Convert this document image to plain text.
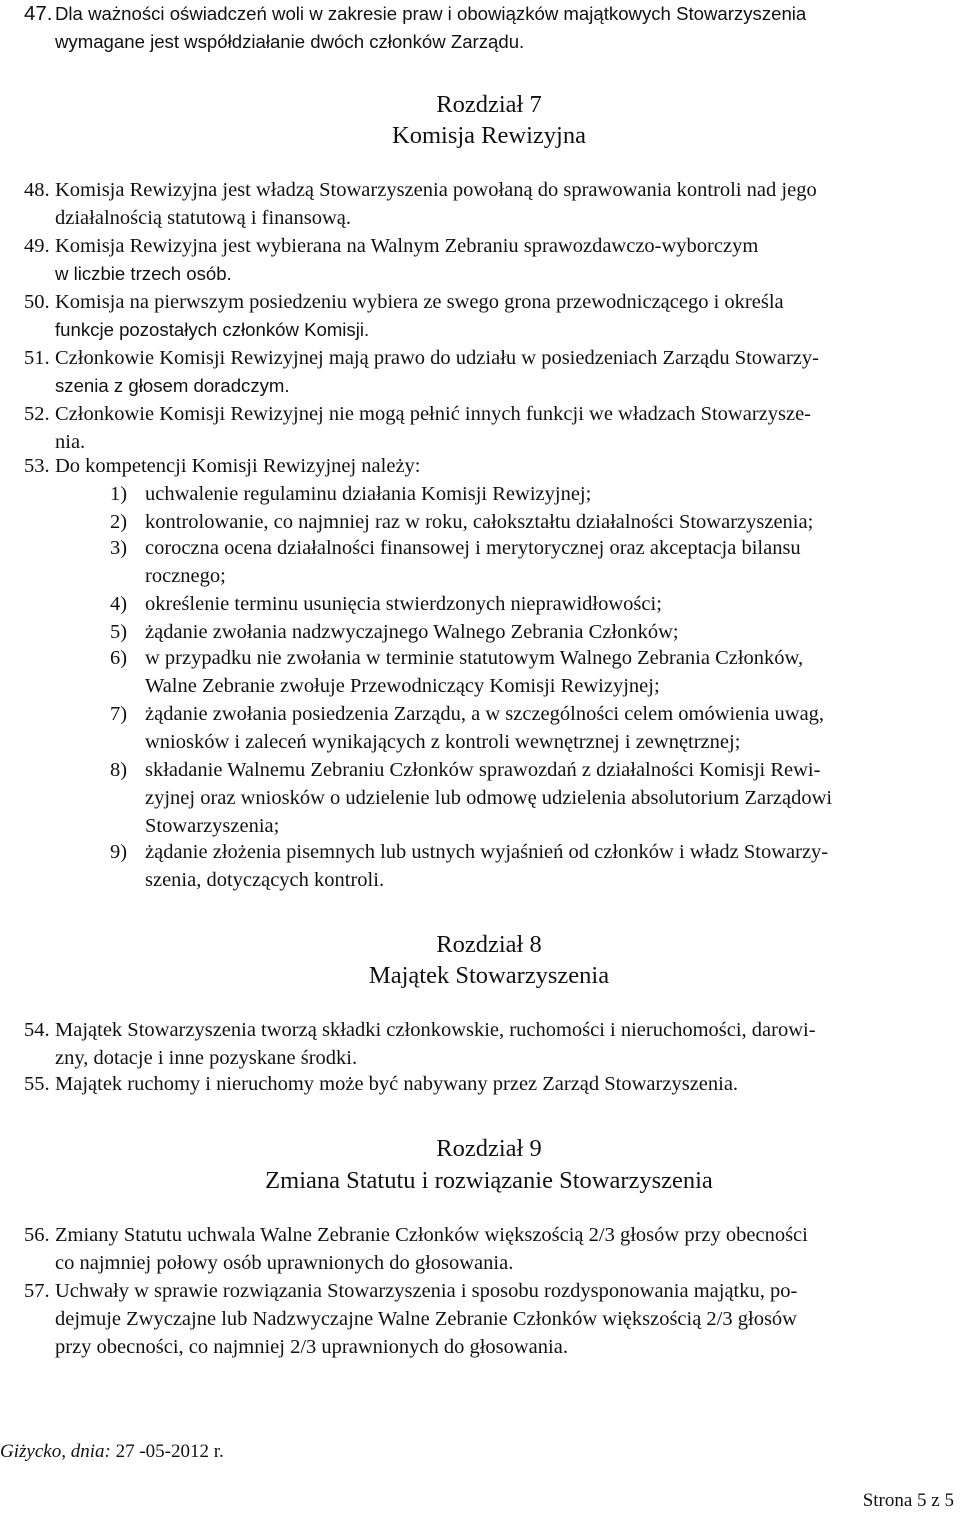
47. Dla ważności oświadczeń woli w zakresie praw i obowiązków majątkowych Stowarzyszenia
wymagane jest współdziałanie dwóch członków Zarządu.
Rozdział 7
Komisja Rewizyjna
48. Komisja Rewizyjna jest władzą Stowarzyszenia powołaną do sprawowania kontroli nad jego
działalnością statutową i finansową.
49. Komisja Rewizyjna jest wybierana na Walnym Zebraniu sprawozdawczo-wyborczym
w liczbie trzech osób.
50. Komisja na pierwszym posiedzeniu wybiera ze swego grona przewodniczącego i określa
funkcje pozostałych członków Komisji.
51. Członkowie Komisji Rewizyjnej mają prawo do udziału w posiedzeniach Zarządu Stowarzy-
szenia z głosem doradczym.
52. Członkowie Komisji Rewizyjnej nie mogą pełnić innych funkcji we władzach Stowarzysze-
nia.
53. Do kompetencji Komisji Rewizyjnej należy:
1) uchwalenie regulaminu działania Komisji Rewizyjnej;
2) kontrolowanie, co najmniej raz w roku, całokształtu działalności Stowarzyszenia;
3) coroczna ocena działalności finansowej i merytorycznej oraz akceptacja bilansu
rocznego;
4) określenie terminu usunięcia stwierdzonych nieprawidłowości;
5) żądanie zwołania nadzwyczajnego Walnego Zebrania Członków;
6) w przypadku nie zwołania w terminie statutowym Walnego Zebrania Członków,
Walne Zebranie zwołuje Przewodniczący Komisji Rewizyjnej;
7) żądanie zwołania posiedzenia Zarządu, a w szczególności celem omówienia uwag,
wniosków i zaleceń wynikających z kontroli wewnętrznej i zewnętrznej;
8) składanie Walnemu Zebraniu Członków sprawozdań z działalności Komisji Rewi-
zyjnej oraz wniosków o udzielenie lub odmowę udzielenia absolutorium Zarządowi
Stowarzyszenia;
9) żądanie złożenia pisemnych lub ustnych wyjaśnień od członków i władz Stowarzy-
szenia, dotyczących kontroli.
Rozdział 8
Majątek Stowarzyszenia
54. Majątek Stowarzyszenia tworzą składki członkowskie, ruchomości i nieruchomości, darowi-
zny, dotacje i inne pozyskane środki.
55. Majątek ruchomy i nieruchomy może być nabywany przez Zarząd Stowarzyszenia.
Rozdział 9
Zmiana Statutu i rozwiązanie Stowarzyszenia
56. Zmiany Statutu uchwala Walne Zebranie Członków większością 2/3 głosów przy obecności
co najmniej połowy osób uprawnionych do głosowania.
57. Uchwały w sprawie rozwiązania Stowarzyszenia i sposobu rozdysponowania majątku, po-
dejmuje Zwyczajne lub Nadzwyczajne Walne Zebranie Członków większością 2/3 głosów
przy obecności, co najmniej 2/3 uprawnionych do głosowania.
Giżycko, dnia: 27 -05-2012 r.
Strona 5 z 5
